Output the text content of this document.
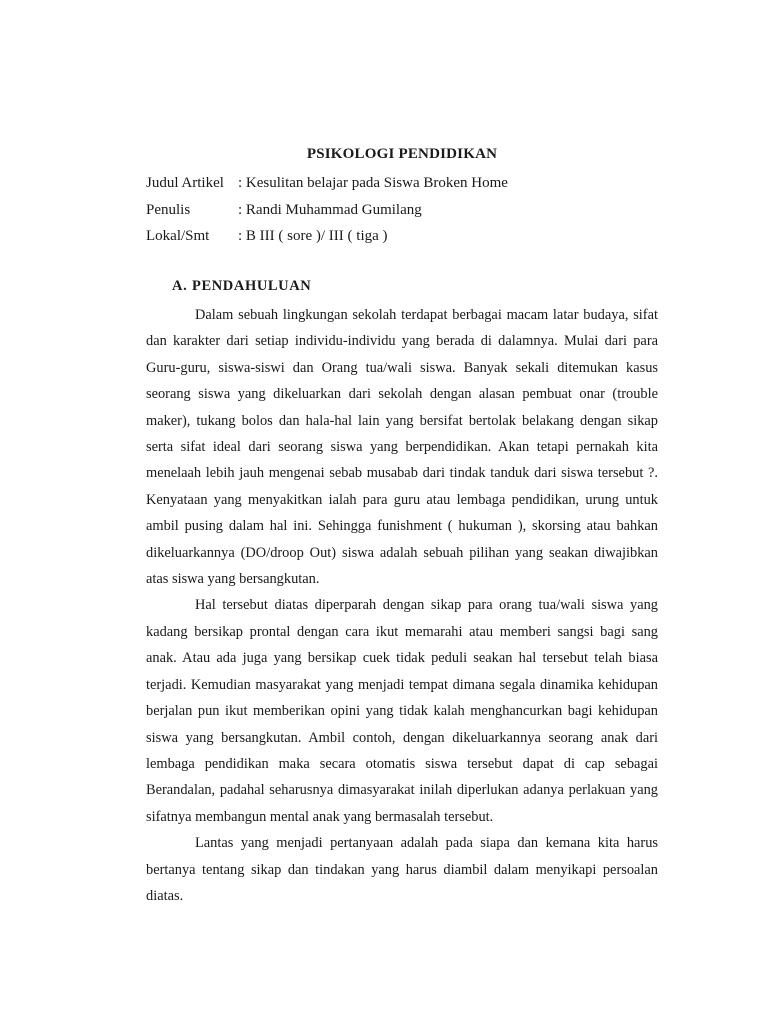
PSIKOLOGI PENDIDIKAN
Judul Artikel : Kesulitan belajar pada Siswa Broken Home
Penulis	: Randi Muhammad Gumilang
Lokal/Smt	: B III ( sore )/ III ( tiga )
A. PENDAHULUAN

Dalam sebuah lingkungan sekolah terdapat berbagai macam latar budaya, sifat dan karakter dari setiap individu-individu yang berada di dalamnya. Mulai dari para Guru-guru, siswa-siswi dan Orang tua/wali siswa. Banyak sekali ditemukan kasus seorang siswa yang dikeluarkan dari sekolah dengan alasan pembuat onar (trouble maker), tukang bolos dan hala-hal lain yang bersifat bertolak belakang dengan sikap serta sifat ideal dari seorang siswa yang berpendidikan. Akan tetapi pernakah kita menelaah lebih jauh mengenai sebab musabab dari tindak tanduk dari siswa tersebut ?. Kenyataan yang menyakitkan ialah para guru atau lembaga pendidikan, urung untuk ambil pusing dalam hal ini. Sehingga funishment ( hukuman ), skorsing atau bahkan dikeluarkannya (DO/droop Out) siswa adalah sebuah pilihan yang seakan diwajibkan atas siswa yang bersangkutan.

Hal tersebut diatas diperparah dengan sikap para orang tua/wali siswa yang kadang bersikap prontal dengan cara ikut memarahi atau memberi sangsi bagi sang anak. Atau ada juga yang bersikap cuek tidak peduli seakan hal tersebut telah biasa terjadi. Kemudian masyarakat yang menjadi tempat dimana segala dinamika kehidupan berjalan pun ikut memberikan opini yang tidak kalah menghancurkan bagi kehidupan siswa yang bersangkutan. Ambil contoh, dengan dikeluarkannya seorang anak dari lembaga pendidikan maka secara otomatis siswa tersebut dapat di cap sebagai Berandalan, padahal seharusnya dimasyarakat inilah diperlukan adanya perlakuan yang sifatnya membangun mental anak yang bermasalah tersebut.

Lantas yang menjadi pertanyaan adalah pada siapa dan kemana kita harus bertanya tentang sikap dan tindakan yang harus diambil dalam menyikapi persoalan diatas.
